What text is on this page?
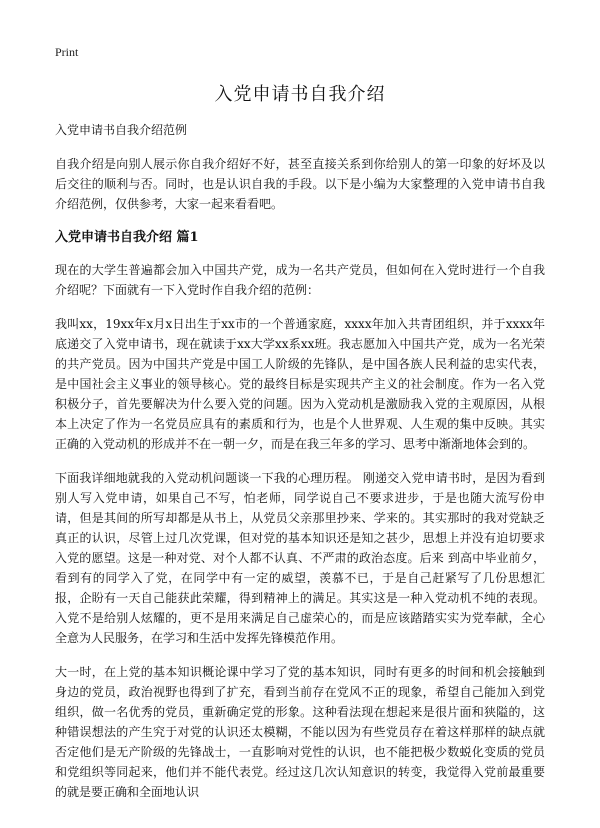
Print
入党申请书自我介绍

入党申请书自我介绍范例

自我介绍是向别人展示你自我介绍好不好，甚至直接关系到你给别人的第一印象的好坏及以后交往的顺利与否。同时，也是认识自我的手段。以下是小编为大家整理的入党申请书自我介绍范例，仅供参考，大家一起来看看吧。

入党申请书自我介绍 篇1

现在的大学生普遍都会加入中国共产党，成为一名共产党员，但如何在入党时进行一个自我介绍呢？下面就有一下入党时作自我介绍的范例：

我叫xx，19xx年x月x日出生于xx市的一个普通家庭，xxxx年加入共青团组织，并于xxxx年底递交了入党申请书，现在就读于xx大学xx系xx班。我志愿加入中国共产党，成为一名光荣的共产党员。因为中国共产党是中国工人阶级的先锋队，是中国各族人民利益的忠实代表，是中国社会主义事业的领导核心。党的最终目标是实现共产主义的社会制度。作为一名入党积极分子，首先要解决为什么要入党的问题。因为入党动机是激励我入党的主观原因，从根本上决定了作为一名党员应具有的素质和行为，也是个人世界观、人生观的集中反映。其实正确的入党动机的形成并不在一朝一夕，而是在我三年多的学习、思考中渐渐地体会到的。

下面我详细地就我的入党动机问题谈一下我的心理历程。 刚递交入党申请书时，是因为看到别人写入党申请，如果自己不写，怕老师，同学说自己不要求进步，于是也随大流写份申请，但是其间的所写却都是从书上，从党员父亲那里抄来、学来的。其实那时的我对党缺乏真正的认识，尽管上过几次党课，但对党的基本知识还是知之甚少，思想上并没有迫切要求入党的愿望。这是一种对党、对个人都不认真、不严肃的政治态度。后来 到高中毕业前夕，看到有的同学入了党，在同学中有一定的威望，羡慕不已，于是自己赶紧写了几份思想汇报，企盼有一天自己能获此荣耀，得到精神上的满足。其实这是一种入党动机不纯的表现。入党不是给别人炫耀的，更不是用来满足自己虚荣心的，而是应该踏踏实实为党奉献，全心全意为人民服务，在学习和生活中发挥先锋模范作用。

大一时，在上党的基本知识概论课中学习了党的基本知识，同时有更多的时间和机会接触到身边的党员，政治视野也得到了扩充，看到当前存在党风不正的现象，希望自己能加入到党组织，做一名优秀的党员，重新确定党的形象。这种看法现在想起来是很片面和狭隘的，这种错误想法的产生究于对党的认识还太模糊，不能以因为有些党员存在着这样那样的缺点就否定他们是无产阶级的先锋战士，一直影响对党性的认识，也不能把极少数蜕化变质的党员和党组织等同起来，他们并不能代表党。经过这几次认知意识的转变，我觉得入党前最重要的就是要正确和全面地认识
